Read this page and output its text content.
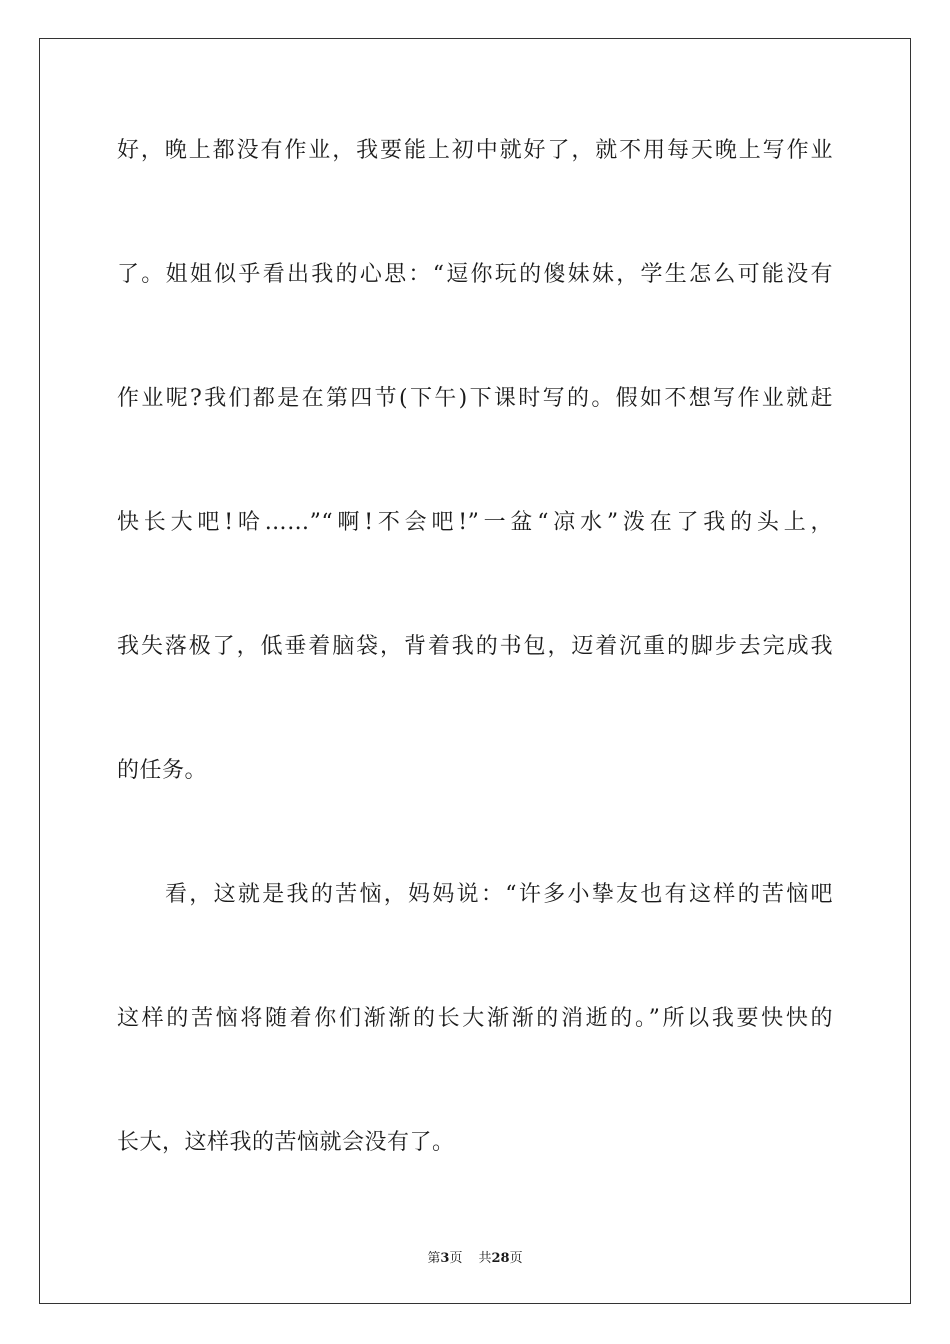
好，晚上都没有作业，我要能上初中就好了，就不用每天晚上写作业
了。姐姐似乎看出我的心思：“逗你玩的傻妹妹，学生怎么可能没有
作业呢?我们都是在第四节(下午)下课时写的。假如不想写作业就赶
快长大吧!哈……”“啊!不会吧!”一盆“凉水”泼在了我的头上，
我失落极了，低垂着脑袋，背着我的书包，迈着沉重的脚步去完成我
的任务。
看，这就是我的苦恼，妈妈说：“许多小挚友也有这样的苦恼吧
这样的苦恼将随着你们渐渐的长大渐渐的消逝的。”所以我要快快的
长大，这样我的苦恼就会没有了。
第3页 共28页
